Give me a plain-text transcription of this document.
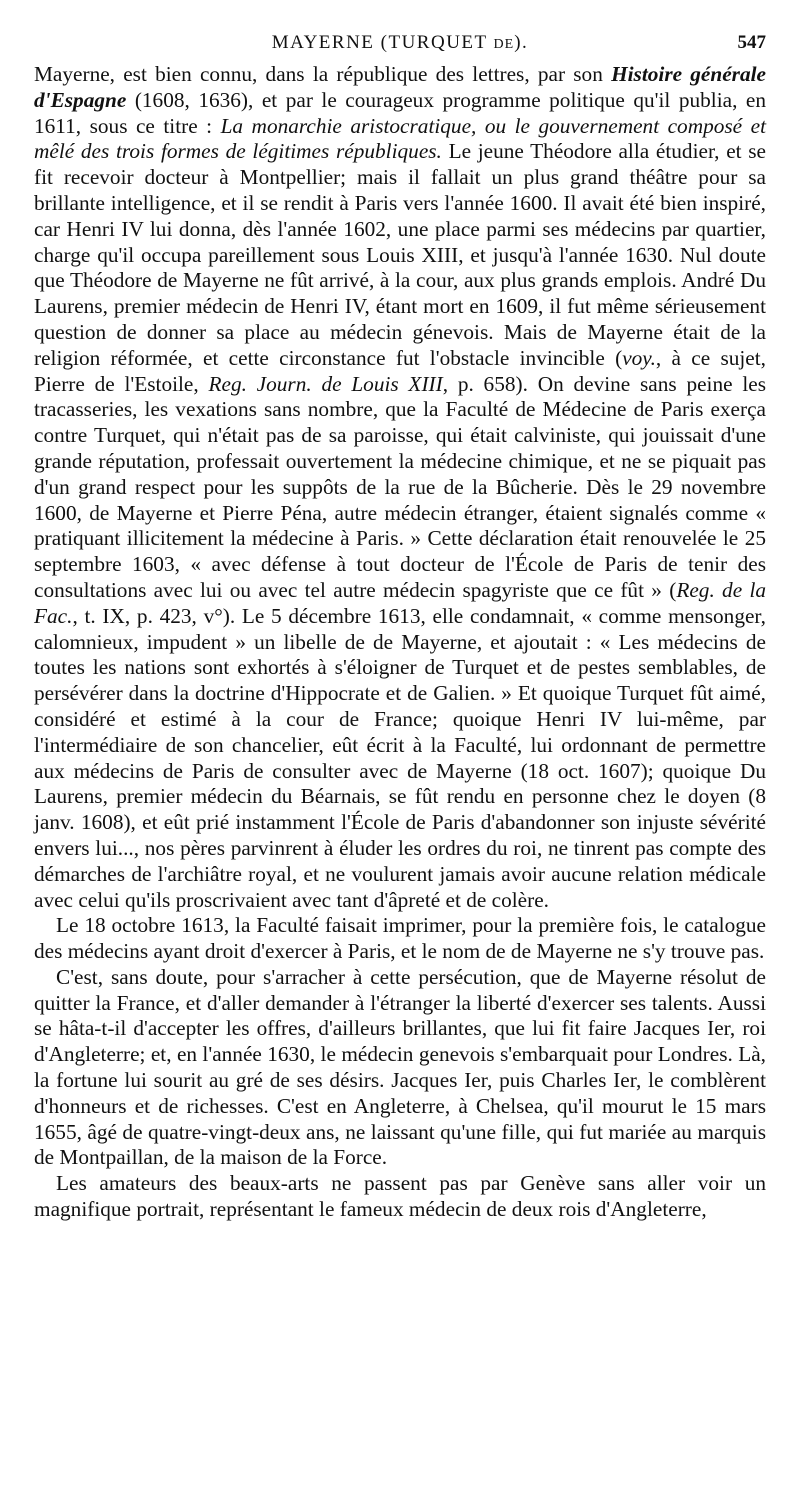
MAYERNE (TURQUET DE).	547

Mayerne, est bien connu, dans la république des lettres, par son Histoire générale d'Espagne (1608, 1636), et par le courageux programme politique qu'il publia, en 1611, sous ce titre : La monarchie aristocratique, ou le gouvernement composé et mêlé des trois formes de légitimes républiques. Le jeune Théodore alla étudier, et se fit recevoir docteur à Montpellier; mais il fallait un plus grand théâtre pour sa brillante intelligence, et il se rendit à Paris vers l'année 1600. Il avait été bien inspiré, car Henri IV lui donna, dès l'année 1602, une place parmi ses médecins par quartier, charge qu'il occupa pareillement sous Louis XIII, et jusqu'à l'année 1630. Nul doute que Théodore de Mayerne ne fût arrivé, à la cour, aux plus grands emplois. André Du Laurens, premier médecin de Henri IV, étant mort en 1609, il fut même sérieusement question de donner sa place au médecin génevois. Mais de Mayerne était de la religion réformée, et cette circonstance fut l'obstacle invincible (voy., à ce sujet, Pierre de l'Estoile, Reg. Journ. de Louis XIII, p. 658). On devine sans peine les tracasseries, les vexations sans nombre, que la Faculté de Médecine de Paris exerça contre Turquet, qui n'était pas de sa paroisse, qui était calviniste, qui jouissait d'une grande réputation, professait ouvertement la médecine chimique, et ne se piquait pas d'un grand respect pour les suppôts de la rue de la Bûcherie. Dès le 29 novembre 1600, de Mayerne et Pierre Péna, autre médecin étranger, étaient signalés comme « pratiquant illicitement la médecine à Paris. » Cette déclaration était renouvelée le 25 septembre 1603, « avec défense à tout docteur de l'École de Paris de tenir des consultations avec lui ou avec tel autre médecin spagyriste que ce fût » (Reg. de la Fac., t. IX, p. 423, v°). Le 5 décembre 1613, elle condamnait, « comme mensonger, calomnieux, impudent » un libelle de de Mayerne, et ajoutait : « Les médecins de toutes les nations sont exhortés à s'éloigner de Turquet et de pestes semblables, de persévérer dans la doctrine d'Hippocrate et de Galien. » Et quoique Turquet fût aimé, considéré et estimé à la cour de France; quoique Henri IV lui-même, par l'intermédiaire de son chancelier, eût écrit à la Faculté, lui ordonnant de permettre aux médecins de Paris de consulter avec de Mayerne (18 oct. 1607); quoique Du Laurens, premier médecin du Béarnais, se fût rendu en personne chez le doyen (8 janv. 1608), et eût prié instamment l'École de Paris d'abandonner son injuste sévérité envers lui..., nos pères parvinrent à éluder les ordres du roi, ne tinrent pas compte des démarches de l'archiâtre royal, et ne voulurent jamais avoir aucune relation médicale avec celui qu'ils proscrivaient avec tant d'âpreté et de colère.

Le 18 octobre 1613, la Faculté faisait imprimer, pour la première fois, le catalogue des médecins ayant droit d'exercer à Paris, et le nom de de Mayerne ne s'y trouve pas.

C'est, sans doute, pour s'arracher à cette persécution, que de Mayerne résolut de quitter la France, et d'aller demander à l'étranger la liberté d'exercer ses talents. Aussi se hâta-t-il d'accepter les offres, d'ailleurs brillantes, que lui fit faire Jacques Ier, roi d'Angleterre; et, en l'année 1630, le médecin genevois s'embarquait pour Londres. Là, la fortune lui sourit au gré de ses désirs. Jacques Ier, puis Charles Ier, le comblèrent d'honneurs et de richesses. C'est en Angleterre, à Chelsea, qu'il mourut le 15 mars 1655, âgé de quatre-vingt-deux ans, ne laissant qu'une fille, qui fut mariée au marquis de Montpaillan, de la maison de la Force.

Les amateurs des beaux-arts ne passent pas par Genève sans aller voir un magnifique portrait, représentant le fameux médecin de deux rois d'Angleterre,
